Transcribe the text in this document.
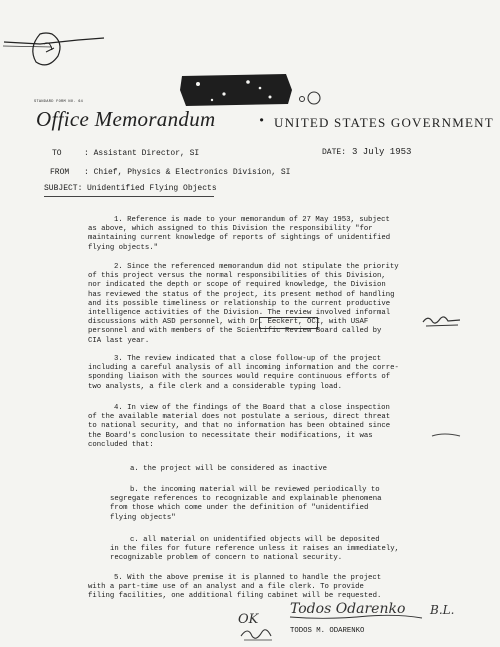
STANDARD FORM NO. 64
Office Memorandum	• UNITED STATES GOVERNMENT
TO	: Assistant Director, SI	DATE: 3 July 1953
FROM : Chief, Physics & Electronics Division, SI
SUBJECT: Unidentified Flying Objects
1. Reference is made to your memorandum of 27 May 1953, subject
as above, which assigned to this Division the responsibility "for
maintaining current knowledge of reports of sightings of unidentified
flying objects."
2. Since the referenced memorandum did not stipulate the priority
of this project versus the normal responsibilities of this Division,
nor indicated the depth or scope of required knowledge, the Division
has reviewed the status of the project, its present method of handling
and its possible timeliness or relationship to the current productive
intelligence activities of the Division. The review involved informal
discussions with ASD personnel, with Dr. Eeckert, OCI, with USAF
personnel and with members of the Scientific Review Board called by
CIA last year.
3. The review indicated that a close follow-up of the project
including a careful analysis of all incoming information and the corre-
sponding liaison with the sources would require continuous efforts of
two analysts, a file clerk and a considerable typing load.
4. In view of the findings of the Board that a close inspection
of the available material does not postulate a serious, direct threat
to national security, and that no information has been obtained since
the Board's conclusion to necessitate their modifications, it was
concluded that:
a. the project will be considered as inactive
b. the incoming material will be reviewed periodically to
segregate references to recognizable and explainable phenomena
from those which come under the definition of "unidentified
flying objects"
c. all material on unidentified objects will be deposited
in the files for future reference unless it raises an immediately,
recognizable problem of concern to national security.
5. With the above premise it is planned to handle the project
with a part-time use of an analyst and a file clerk. To provide
filing facilities, one additional filing cabinet will be requested.
Todos Odarenko B.L.
OK
TODOS M. ODARENKO
